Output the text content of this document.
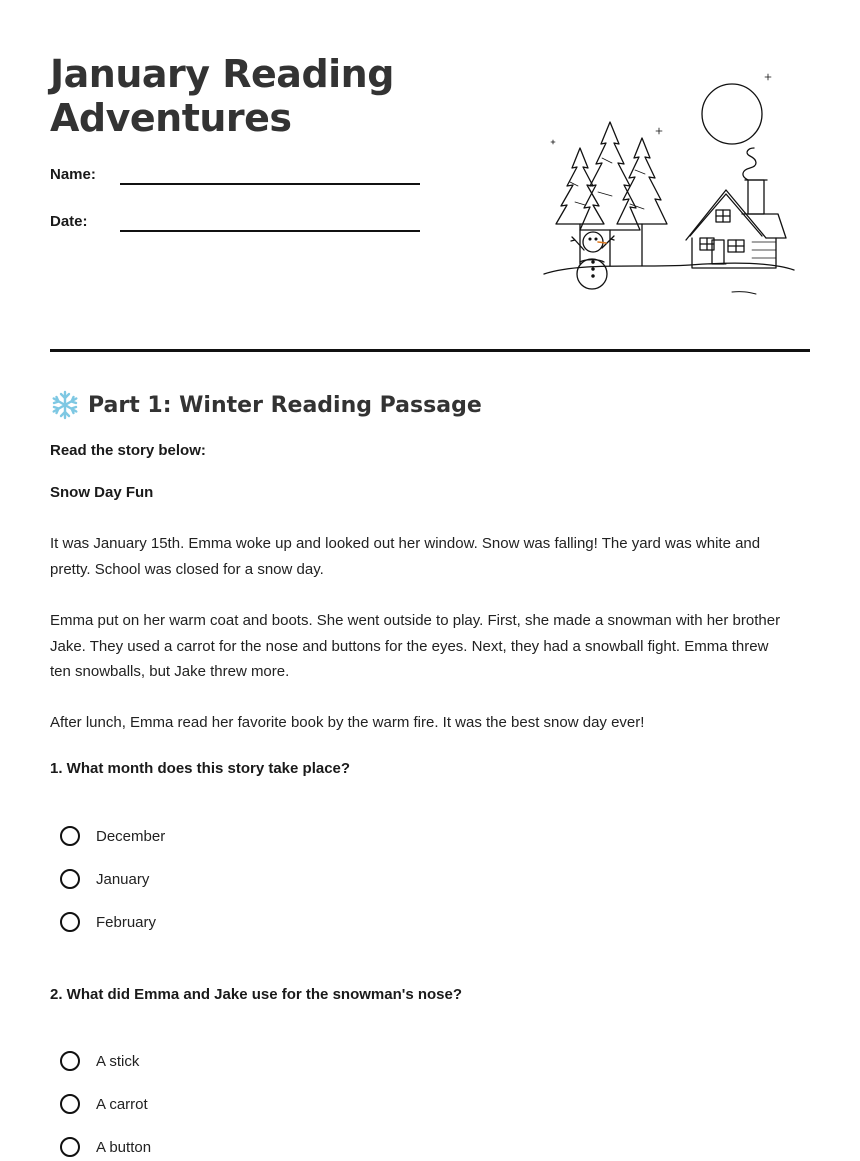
January Reading Adventures
Name:
Date:
Part 1: Winter Reading Passage

Read the story below:

Snow Day Fun

It was January 15th. Emma woke up and looked out her window. Snow was falling! The yard was white and pretty. School was closed for a snow day.

Emma put on her warm coat and boots. She went outside to play. First, she made a snowman with her brother Jake. They used a carrot for the nose and buttons for the eyes. Next, they had a snowball fight. Emma threw ten snowballs, but Jake threw more.

After lunch, Emma read her favorite book by the warm fire. It was the best snow day ever!

1. What month does this story take place?

December
January
February

2. What did Emma and Jake use for the snowman's nose?

A stick
A carrot
A button
